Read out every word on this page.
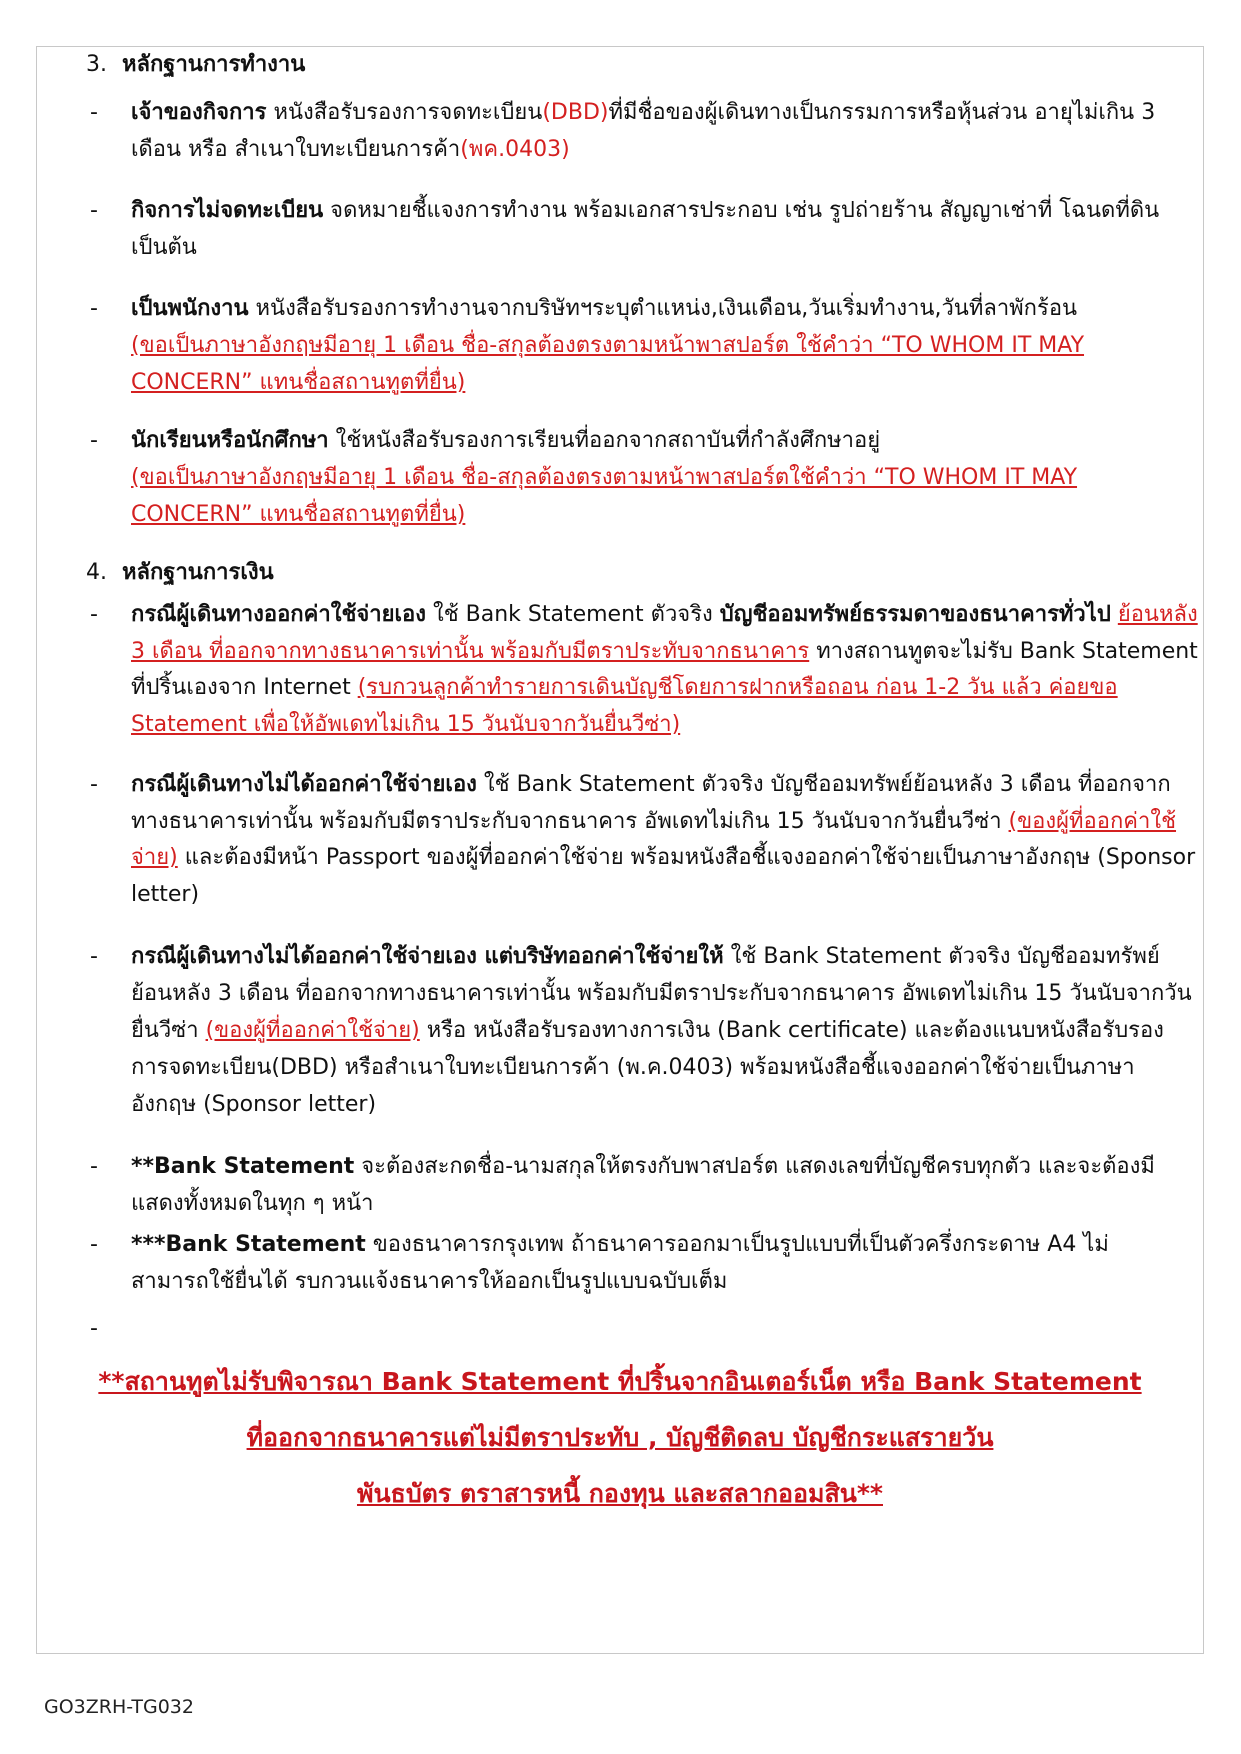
3. หลักฐานการทำงาน
-	เจ้าของกิจการ หนังสือรับรองการจดทะเบียน(DBD)ที่มีชื่อของผู้เดินทางเป็นกรรมการหรือหุ้นส่วน อายุไม่เกิน 3 เดือน หรือ สำเนาใบทะเบียนการค้า(พค.0403)
-	กิจการไม่จดทะเบียน จดหมายชี้แจงการทำงาน พร้อมเอกสารประกอบ เช่น รูปถ่ายร้าน สัญญาเช่าที่ โฉนดที่ดิน เป็นต้น
-	เป็นพนักงาน หนังสือรับรองการทำงานจากบริษัทฯระบุตำแหน่ง,เงินเดือน,วันเริ่มทำงาน,วันที่ลาพักร้อน
(ขอเป็นภาษาอังกฤษมีอายุ 1 เดือน ชื่อ-สกุลต้องตรงตามหน้าพาสปอร์ต ใช้คำว่า “TO WHOM IT MAY CONCERN” แทนชื่อสถานทูตที่ยื่น)
-	นักเรียนหรือนักศึกษา ใช้หนังสือรับรองการเรียนที่ออกจากสถาบันที่กำลังศึกษาอยู่
(ขอเป็นภาษาอังกฤษมีอายุ 1 เดือน ชื่อ-สกุลต้องตรงตามหน้าพาสปอร์ตใช้คำว่า “TO WHOM IT MAY CONCERN” แทนชื่อสถานทูตที่ยื่น)
4. หลักฐานการเงิน
-	กรณีผู้เดินทางออกค่าใช้จ่ายเอง ใช้ Bank Statement ตัวจริง บัญชีออมทรัพย์ธรรมดาของธนาคารทั่วไป ย้อนหลัง 3 เดือน ที่ออกจากทางธนาคารเท่านั้น พร้อมกับมีตราประทับจากธนาคาร ทางสถานทูตจะไม่รับ Bank Statement ที่ปริ้นเองจาก Internet (รบกวนลูกค้าทำรายการเดินบัญชีโดยการฝากหรือถอน ก่อน 1-2 วัน แล้ว ค่อยขอ Statement เพื่อให้อัพเดทไม่เกิน 15 วันนับจากวันยื่นวีซ่า)
-	กรณีผู้เดินทางไม่ได้ออกค่าใช้จ่ายเอง ใช้ Bank Statement ตัวจริง บัญชีออมทรัพย์ย้อนหลัง 3 เดือน ที่ออกจากทางธนาคารเท่านั้น พร้อมกับมีตราประกับจากธนาคาร อัพเดทไม่เกิน 15 วันนับจากวันยื่นวีซ่า (ของผู้ที่ออกค่าใช้จ่าย) และต้องมีหน้า Passport ของผู้ที่ออกค่าใช้จ่าย พร้อมหนังสือชี้แจงออกค่าใช้จ่ายเป็นภาษาอังกฤษ (Sponsor letter)
-	กรณีผู้เดินทางไม่ได้ออกค่าใช้จ่ายเอง แต่บริษัทออกค่าใช้จ่ายให้ ใช้ Bank Statement ตัวจริง บัญชีออมทรัพย์ย้อนหลัง 3 เดือน ที่ออกจากทางธนาคารเท่านั้น พร้อมกับมีตราประกับจากธนาคาร อัพเดทไม่เกิน 15 วันนับจากวันยื่นวีซ่า (ของผู้ที่ออกค่าใช้จ่าย) หรือ หนังสือรับรองทางการเงิน (Bank certificate) และต้องแนบหนังสือรับรองการจดทะเบียน(DBD) หรือสำเนาใบทะเบียนการค้า (พ.ค.0403) พร้อมหนังสือชี้แจงออกค่าใช้จ่ายเป็นภาษาอังกฤษ (Sponsor letter)
-	**Bank Statement จะต้องสะกดชื่อ-นามสกุลให้ตรงกับพาสปอร์ต แสดงเลขที่บัญชีครบทุกตัว และจะต้องมีแสดงทั้งหมดในทุก ๆ หน้า
-	***Bank Statement ของธนาคารกรุงเทพ ถ้าธนาคารออกมาเป็นรูปแบบที่เป็นตัวครึ่งกระดาษ A4 ไม่สามารถใช้ยื่นได้ รบกวนแจ้งธนาคารให้ออกเป็นรูปแบบฉบับเต็ม
-
**สถานทูตไม่รับพิจารณา Bank Statement ที่ปริ้นจากอินเตอร์เน็ต หรือ Bank Statement
ที่ออกจากธนาคารแต่ไม่มีตราประทับ , บัญชีติดลบ บัญชีกระแสรายวัน
พันธบัตร ตราสารหนี้ กองทุน และสลากออมสิน**
GO3ZRH-TG032
